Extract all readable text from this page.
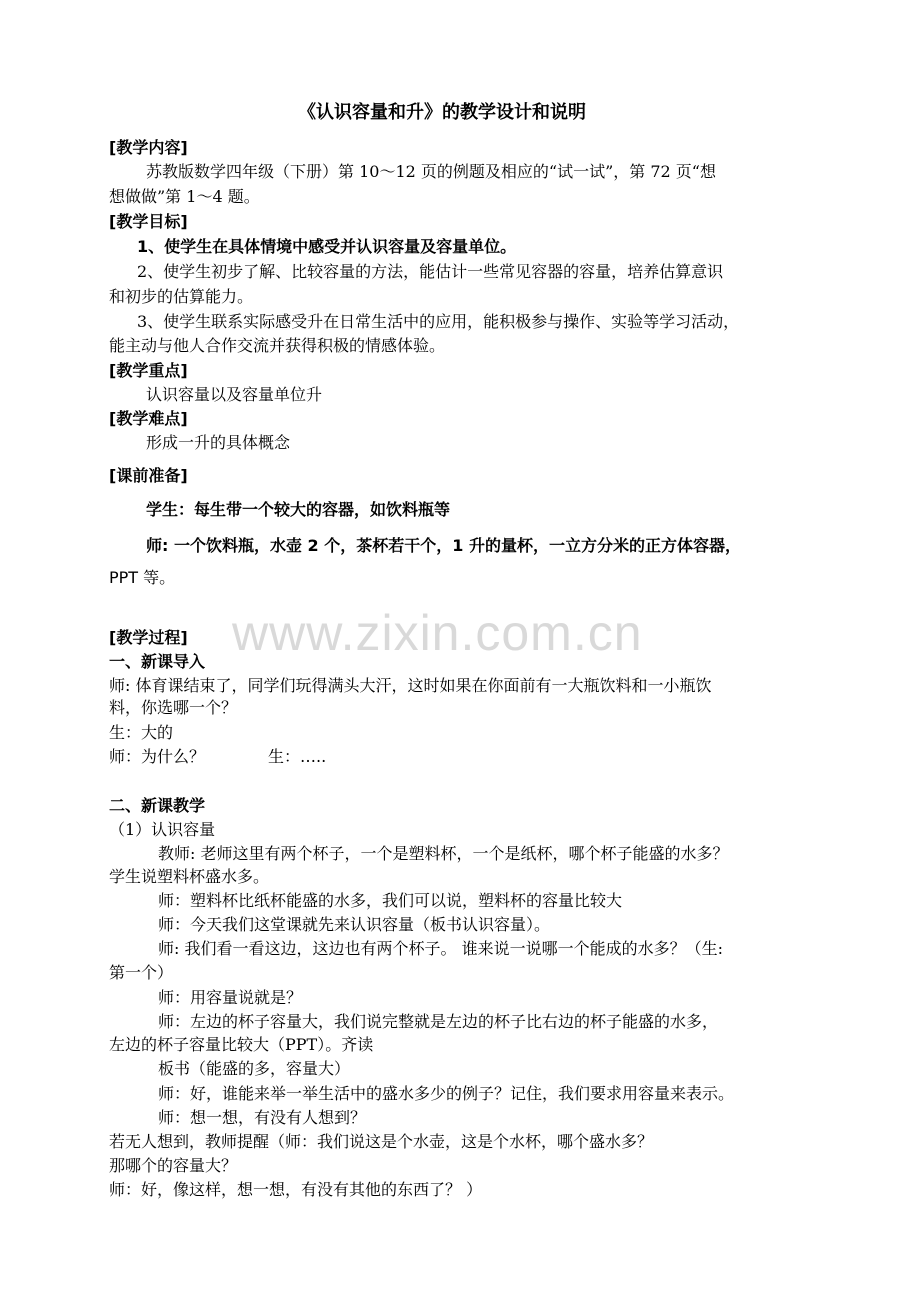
www.zixin.com.cn
《认识容量和升》的教学设计和说明
[教学内容]
苏教版数学四年级（下册）第 10～12 页的例题及相应的“试一试”，第 72 页“想
想做做”第 1～4 题。
[教学目标]
1、使学生在具体情境中感受并认识容量及容量单位。
2、使学生初步了解、比较容量的方法，能估计一些常见容器的容量，培养估算意识
和初步的估算能力。
3、使学生联系实际感受升在日常生活中的应用，能积极参与操作、实验等学习活动，
能主动与他人合作交流并获得积极的情感体验。
[教学重点]
认识容量以及容量单位升
[教学难点]
形成一升的具体概念
[课前准备]
学生：每生带一个较大的容器，如饮料瓶等
师: 一个饮料瓶，水壶 2 个，茶杯若干个，1 升的量杯，一立方分米的正方体容器，
PPT 等。
[教学过程]
一、新课导入
师: 体育课结束了，同学们玩得满头大汗，这时如果在你面前有一大瓶饮料和一小瓶饮
料，你选哪一个？
生：大的
师：为什么？	生：…..
二、新课教学
（1）认识容量
教师: 老师这里有两个杯子，一个是塑料杯，一个是纸杯，哪个杯子能盛的水多？
学生说塑料杯盛水多。
师：塑料杯比纸杯能盛的水多，我们可以说，塑料杯的容量比较大
师：今天我们这堂课就先来认识容量（板书认识容量）。
师: 我们看一看这边，这边也有两个杯子。 谁来说一说哪一个能成的水多？（生:
第一个）
师：用容量说就是？
师：左边的杯子容量大，我们说完整就是左边的杯子比右边的杯子能盛的水多，
左边的杯子容量比较大（PPT）。齐读
板书（能盛的多，容量大）
师：好，谁能来举一举生活中的盛水多少的例子？记住，我们要求用容量来表示。
师：想一想，有没有人想到？
若无人想到，教师提醒（师：我们说这是个水壶，这是个水杯，哪个盛水多？
那哪个的容量大？
师：好，像这样，想一想，有没有其他的东西了？ ）
